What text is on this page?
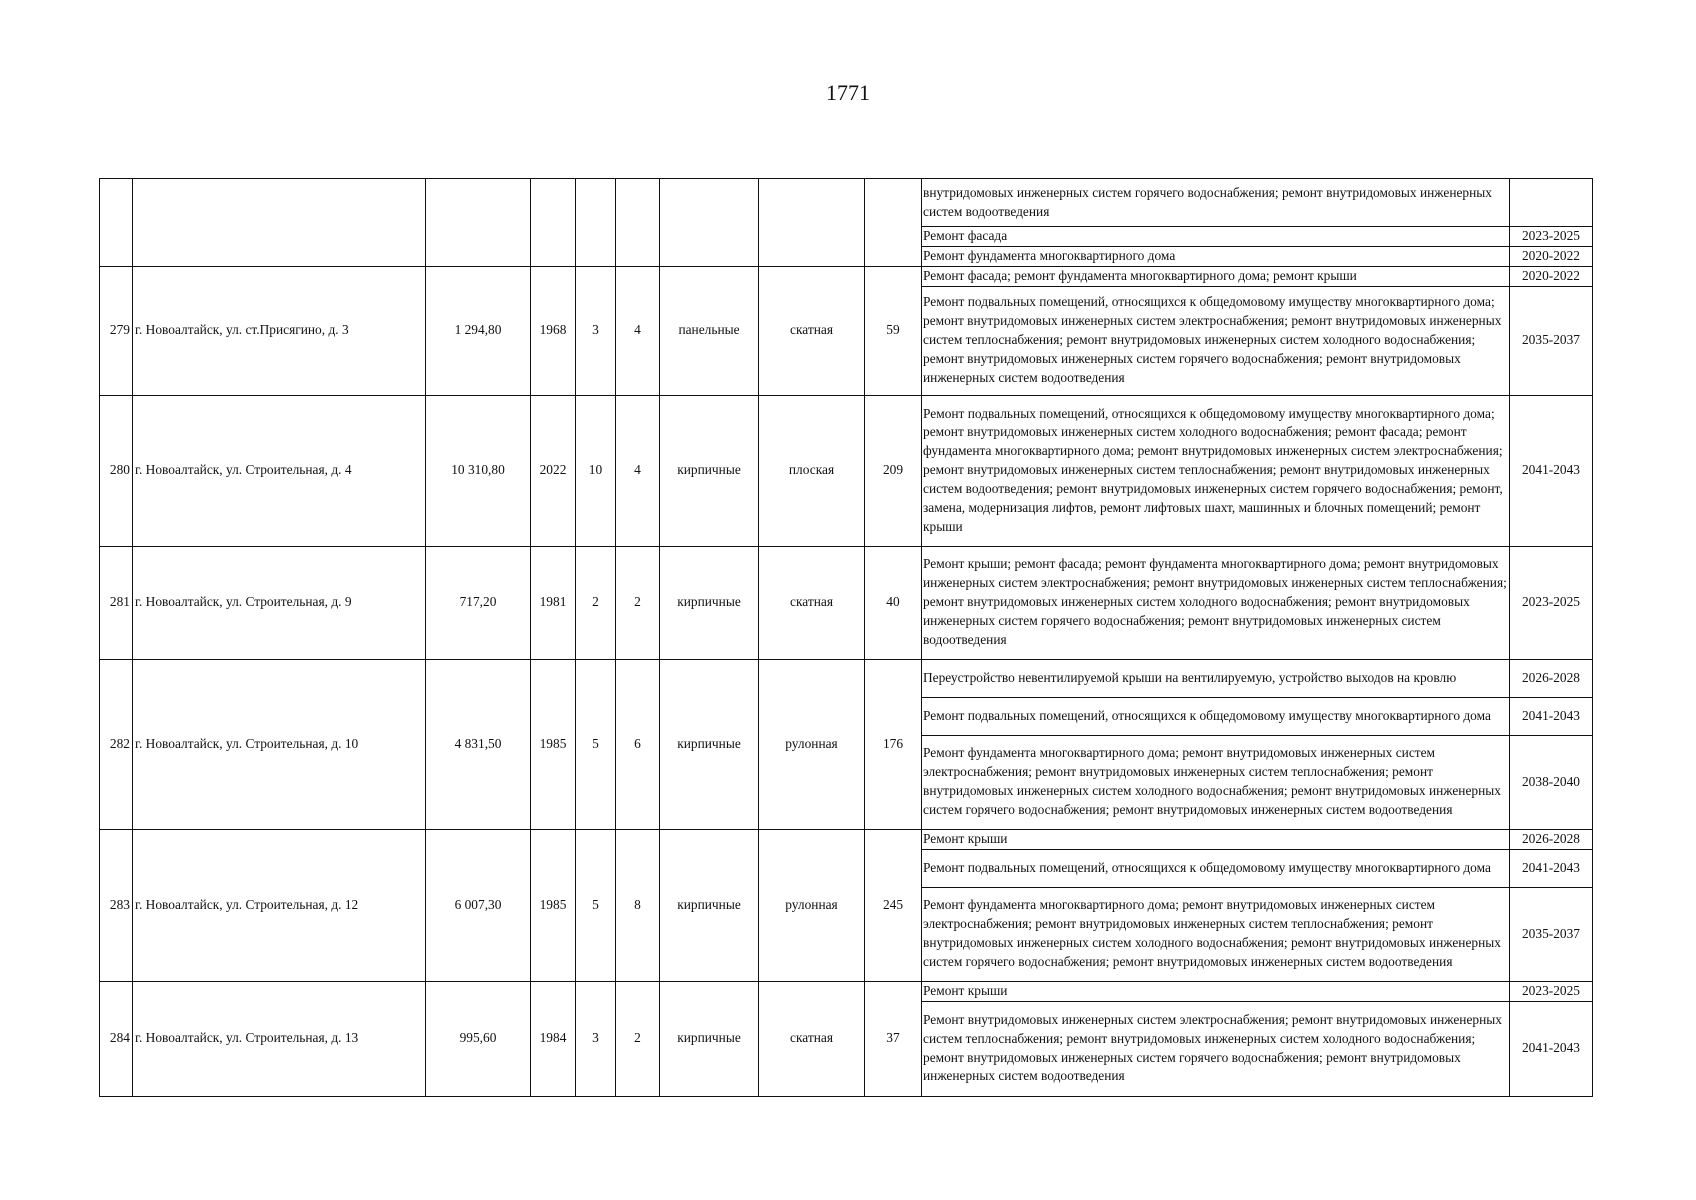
1771
									внутридомовых инженерных систем горячего водоснабжения; ремонт внутридомовых инженерных систем водоотведения	
									Ремонт фасада	2023-2025
									Ремонт фундамента многоквартирного дома	2020-2022
279	г. Новоалтайск, ул. ст.Присягино, д. 3	1 294,80	1968	3	4	панельные	скатная	59	Ремонт фасада; ремонт фундамента многоквартирного дома; ремонт крыши	2020-2022
									Ремонт подвальных помещений, относящихся к общедомовому имуществу многоквартирного дома; ремонт внутридомовых инженерных систем электроснабжения; ремонт внутридомовых инженерных систем теплоснабжения; ремонт внутридомовых инженерных систем холодного водоснабжения; ремонт внутридомовых инженерных систем горячего водоснабжения; ремонт внутридомовых инженерных систем водоотведения	2035-2037
280	г. Новоалтайск, ул. Строительная, д. 4	10 310,80	2022	10	4	кирпичные	плоская	209	Ремонт подвальных помещений, относящихся к общедомовому имуществу многоквартирного дома; ремонт внутридомовых инженерных систем холодного водоснабжения; ремонт фасада; ремонт фундамента многоквартирного дома; ремонт внутридомовых инженерных систем электроснабжения; ремонт внутридомовых инженерных систем теплоснабжения; ремонт внутридомовых инженерных систем водоотведения; ремонт внутридомовых инженерных систем горячего водоснабжения; ремонт, замена, модернизация лифтов, ремонт лифтовых шахт, машинных и блочных помещений; ремонт крыши	2041-2043
281	г. Новоалтайск, ул. Строительная, д. 9	717,20	1981	2	2	кирпичные	скатная	40	Ремонт крыши; ремонт фасада; ремонт фундамента многоквартирного дома; ремонт внутридомовых инженерных систем электроснабжения; ремонт внутридомовых инженерных систем теплоснабжения; ремонт внутридомовых инженерных систем холодного водоснабжения; ремонт внутридомовых инженерных систем горячего водоснабжения; ремонт внутридомовых инженерных систем водоотведения	2023-2025
282	г. Новоалтайск, ул. Строительная, д. 10	4 831,50	1985	5	6	кирпичные	рулонная	176	Переустройство невентилируемой крыши на вентилируемую, устройство выходов на кровлю	2026-2028
									Ремонт подвальных помещений, относящихся к общедомовому имуществу многоквартирного дома	2041-2043
									Ремонт фундамента многоквартирного дома; ремонт внутридомовых инженерных систем электроснабжения; ремонт внутридомовых инженерных систем теплоснабжения; ремонт внутридомовых инженерных систем холодного водоснабжения; ремонт внутридомовых инженерных систем горячего водоснабжения; ремонт внутридомовых инженерных систем водоотведения	2038-2040
283	г. Новоалтайск, ул. Строительная, д. 12	6 007,30	1985	5	8	кирпичные	рулонная	245	Ремонт крыши	2026-2028
									Ремонт подвальных помещений, относящихся к общедомовому имуществу многоквартирного дома	2041-2043
									Ремонт фундамента многоквартирного дома; ремонт внутридомовых инженерных систем электроснабжения; ремонт внутридомовых инженерных систем теплоснабжения; ремонт внутридомовых инженерных систем холодного водоснабжения; ремонт внутридомовых инженерных систем горячего водоснабжения; ремонт внутридомовых инженерных систем водоотведения	2035-2037
284	г. Новоалтайск, ул. Строительная, д. 13	995,60	1984	3	2	кирпичные	скатная	37	Ремонт крыши	2023-2025
									Ремонт внутридомовых инженерных систем электроснабжения; ремонт внутридомовых инженерных систем теплоснабжения; ремонт внутридомовых инженерных систем холодного водоснабжения; ремонт внутридомовых инженерных систем горячего водоснабжения; ремонт внутридомовых инженерных систем водоотведения	2041-2043
